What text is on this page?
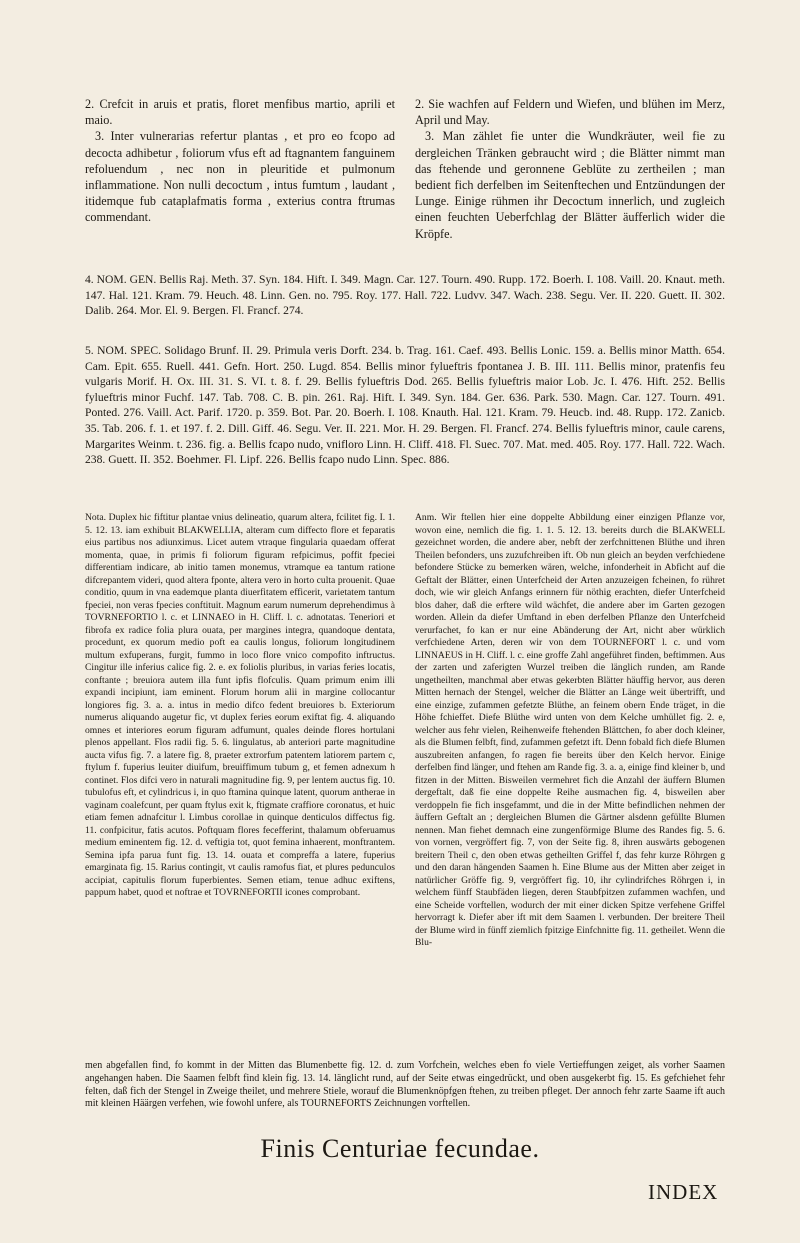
2. Crefcit in aruis et pratis, floret menfibus martio, aprili et maio.

3. Inter vulnerarias refertur plantas , et pro eo fcopo ad decocta adhibetur , foliorum vfus eft ad ftagnantem fanguinem refoluendum , nec non in pleuritide et pulmonum inflammatione. Non nulli decoctum , intus fumtum , laudant , itidemque fub cataplafmatis forma , exterius contra ftrumas commendant.

2. Sie wachfen auf Feldern und Wiefen, und blühen im Merz, April und May.

3. Man zählet fie unter die Wundkräuter, weil fie zu dergleichen Tränken gebraucht wird ; die Blätter nimmt man das ftehende und geronnene Geblüte zu zertheilen ; man bedient fich derfelben im Seitenftechen und Entzündungen der Lunge. Einige rühmen ihr Decoctum innerlich, und zugleich einen feuchten Ueberfchlag der Blätter äufferlich wider die Kröpfe.

4. NOM. GEN. Bellis Raj. Meth. 37. Syn. 184. Hift. I. 349. Magn. Car. 127. Tourn. 490. Rupp. 172. Boerh. I. 108. Vaill. 20. Knaut. meth. 147. Hal. 121. Kram. 79. Heuch. 48. Linn. Gen. no. 795. Roy. 177. Hall. 722. Ludvv. 347. Wach. 238. Segu. Ver. II. 220. Guett. II. 302. Dalib. 264. Mor. El. 9. Bergen. Fl. Francf. 274.

5. NOM. SPEC. Solidago Brunf. II. 29. Primula veris Dorft. 234. b. Trag. 161. Caef. 493. Bellis Lonic. 159. a. Bellis minor Matth. 654. Cam. Epit. 655. Ruell. 441. Gefn. Hort. 250. Lugd. 854. Bellis minor fylueftris fpontanea J. B. III. 111. Bellis minor, pratenfis feu vulgaris Morif. H. Ox. III. 31. S. VI. t. 8. f. 29. Bellis fylueftris Dod. 265. Bellis fylueftris maior Lob. Jc. I. 476. Hift. 252. Bellis fylueftris minor Fuchf. 147. Tab. 708. C. B. pin. 261. Raj. Hift. I. 349. Syn. 184. Ger. 636. Park. 530. Magn. Car. 127. Tourn. 491. Ponted. 276. Vaill. Act. Parif. 1720. p. 359. Bot. Par. 20. Boerh. I. 108. Knauth. Hal. 121. Kram. 79. Heucb. ind. 48. Rupp. 172. Zanicb. 35. Tab. 206. f. 1. et 197. f. 2. Dill. Giff. 46. Segu. Ver. II. 221. Mor. H. 29. Bergen. Fl. Francf. 274. Bellis fylueftris minor, caule carens, Margarites Weinm. t. 236. fig. a. Bellis fcapo nudo, vnifloro Linn. H. Cliff. 418. Fl. Suec. 707. Mat. med. 405. Roy. 177. Hall. 722. Wach. 238. Guett. II. 352. Boehmer. Fl. Lipf. 226. Bellis fcapo nudo Linn. Spec. 886.

Nota. Duplex hic fiftitur plantae vnius delineatio, quarum altera, fcilitet fig. I. 1. 5. 12. 13. iam exhibuit BLAKWELLIA, alteram cum diffecto flore et feparatis eius partibus nos adiunximus. Licet autem vtraque fingularia quaedam offerat momenta, quae, in primis fi foliorum figuram refpicimus, poffit fpeciei differentiam indicare, ab initio tamen monemus, vtramque ea tantum ratione difcrepantem videri, quod altera fponte, altera vero in horto culta prouenit. Quae conditio, quum in vna eademque planta diuerfitatem efficerit, varietatem tantum fpeciei, non veras fpecies conftituit. Magnum earum numerum deprehendimus à TOVRNEFORTIO l. c. et LINNAEO in H. Cliff. l. c. adnotatas. Teneriori et fibrofa ex radice folia plura ouata, per margines integra, quandoque dentata, procedunt, ex quorum medio poft ea caulis longus, foliorum longitudinem multum exfuperans, furgit, fummo in loco flore vnico compofito inftructus. Cingitur ille inferius calice fig. 2. e. ex foliolis pluribus, in varias feries locatis, conftante ; breuiora autem illa funt ipfis flofculis. Quam primum enim illi expandi incipiunt, iam eminent. Florum horum alii in margine collocantur longiores fig. 3. a. a. intus in medio difco fedent breuiores b. Exteriorum numerus aliquando augetur fic, vt duplex feries eorum exiftat fig. 4. aliquando omnes et interiores eorum figuram adfumunt, quales deinde flores hortulani plenos appellant. Flos radii fig. 5. 6. lingulatus, ab anteriori parte magnitudine aucta vifus fig. 7. a latere fig. 8, praeter extrorfum patentem latiorem partem c, ftylum f. fuperius leuiter diuifum, breuiffimum tubum g, et femen adnexum h continet. Flos difci vero in naturali magnitudine fig. 9, per lentem auctus fig. 10. tubulofus eft, et cylindricus i, in quo ftamina quinque latent, quorum antherae in vaginam coalefcunt, per quam ftylus exit k, ftigmate craffiore coronatus, et huic etiam femen adnafcitur l. Limbus corollae in quinque denticulos diffectus fig. 11. confpicitur, fatis acutos. Poftquam flores fecefferint, thalamum obferuamus medium eminentem fig. 12. d. veftigia tot, quot femina inhaerent, monftrantem. Semina ipfa parua funt fig. 13. 14. ouata et compreffa a latere, fuperius emarginata fig. 15. Rarius contingit, vt caulis ramofus fiat, et plures pedunculos accipiat, capitulis florum fuperbientes. Semen etiam, tenue adhuc exiftens, pappum habet, quod et noftrae et TOVRNEFORTII icones comprobant.

Anm. Wir ftellen hier eine doppelte Abbildung einer einzigen Pflanze vor, wovon eine, nemlich die fig. 1. 1. 5. 12. 13. bereits durch die BLAKWELL gezeichnet worden, die andere aber, nebft der zerfchnittenen Blüthe und ihren Theilen befonders, uns zuzufchreiben ift. Ob nun gleich an beyden verfchiedene befondere Stücke zu bemerken wären, welche, infonderheit in Abficht auf die Geftalt der Blätter, einen Unterfcheid der Arten anzuzeigen fcheinen, fo rühret doch, wie wir gleich Anfangs erinnern für nöthig erachten, diefer Unterfcheid blos daher, daß die erftere wild wächfet, die andere aber im Garten gezogen worden. Allein da diefer Umftand in eben derfelben Pflanze den Unterfcheid verurfachet, fo kan er nur eine Abänderung der Art, nicht aber würklich verfchiedene Arten, deren wir von dem TOURNEFORT l. c. und vom LINNAEUS in H. Cliff. l. c. eine groffe Zahl angeführet finden, beftimmen. Aus der zarten und zaferigten Wurzel treiben die länglich runden, am Rande ungetheilten, manchmal aber etwas gekerbten Blätter häuffig hervor, aus deren Mitten hernach der Stengel, welcher die Blätter an Länge weit übertrifft, und eine einzige, zufammen gefetzte Blüthe, an feinem obern Ende träget, in die Höhe fchieffet. Diefe Blüthe wird unten von dem Kelche umhüllet fig. 2. e, welcher aus fehr vielen, Reihenweife ftehenden Blättchen, fo aber doch kleiner, als die Blumen felbft, find, zufammen gefetzt ift. Denn fobald fich diefe Blumen auszubreiten anfangen, fo ragen fie bereits über den Kelch hervor. Einige derfelben find länger, und ftehen am Rande fig. 3. a. a, einige find kleiner b, und fitzen in der Mitten. Bisweilen vermehret fich die Anzahl der äuffern Blumen dergeftalt, daß fie eine doppelte Reihe ausmachen fig. 4, bisweilen aber verdoppeln fie fich insgefammt, und die in der Mitte befindlichen nehmen der äuffern Geftalt an ; dergleichen Blumen die Gärtner alsdenn gefüllte Blumen nennen. Man fiehet demnach eine zungenförmige Blume des Randes fig. 5. 6. von vornen, vergröffert fig. 7, von der Seite fig. 8, ihren auswärts gebogenen breitern Theil c, den oben etwas getheilten Griffel f, das fehr kurze Röhrgen g und den daran hängenden Saamen h. Eine Blume aus der Mitten aber zeiget in natürlicher Gröffe fig. 9, vergröffert fig. 10, ihr cylindrifches Röhrgen i, in welchem fünff Staubfäden liegen, deren Staubfpitzen zufammen wachfen, und eine Scheide vorftellen, wodurch der mit einer dicken Spitze verfehene Griffel hervorragt k. Diefer aber ift mit dem Saamen l. verbunden. Der breitere Theil der Blume wird in fünff ziemlich fpitzige Einfchnitte fig. 11. getheilet. Wenn die Blu-

men abgefallen find, fo kommt in der Mitten das Blumenbette fig. 12. d. zum Vorfchein, welches eben fo viele Vertieffungen zeiget, als vorher Saamen angehangen haben. Die Saamen felbft find klein fig. 13. 14. länglicht rund, auf der Seite etwas eingedrückt, und oben ausgekerbt fig. 15. Es gefchiehet fehr felten, daß fich der Stengel in Zweige theilet, und mehrere Stiele, worauf die Blumenknöpfgen ftehen, zu treiben pfleget. Der annoch fehr zarte Saame ift auch mit kleinen Häärgen verfehen, wie fowohl unfere, als TOURNEFORTS Zeichnungen vorftellen.

Finis Centuriae fecundae.
INDEX
